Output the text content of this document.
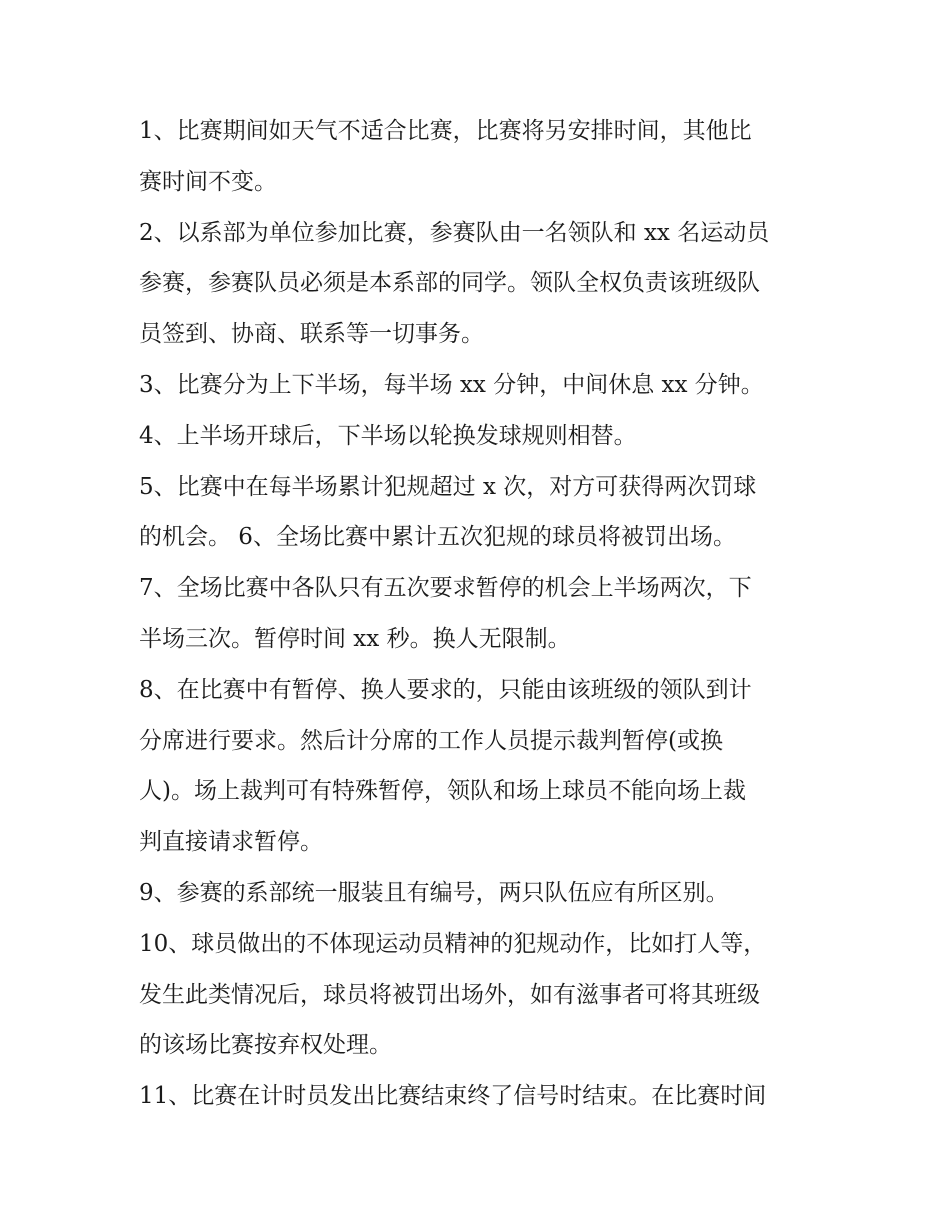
1、比赛期间如天气不适合比赛，比赛将另安排时间，其他比

赛时间不变。

2、以系部为单位参加比赛，参赛队由一名领队和 xx 名运动员

参赛，参赛队员必须是本系部的同学。领队全权负责该班级队

员签到、协商、联系等一切事务。

3、比赛分为上下半场，每半场 xx 分钟，中间休息 xx 分钟。

4、上半场开球后，下半场以轮换发球规则相替。

5、比赛中在每半场累计犯规超过 x 次，对方可获得两次罚球

的机会。 6、全场比赛中累计五次犯规的球员将被罚出场。

7、全场比赛中各队只有五次要求暂停的机会上半场两次，下

半场三次。暂停时间 xx 秒。换人无限制。

8、在比赛中有暂停、换人要求的，只能由该班级的领队到计

分席进行要求。然后计分席的工作人员提示裁判暂停(或换

人)。场上裁判可有特殊暂停，领队和场上球员不能向场上裁

判直接请求暂停。

9、参赛的系部统一服装且有编号，两只队伍应有所区别。

10、球员做出的不体现运动员精神的犯规动作，比如打人等，

发生此类情况后，球员将被罚出场外，如有滋事者可将其班级

的该场比赛按弃权处理。

11、比赛在计时员发出比赛结束终了信号时结束。在比赛时间
